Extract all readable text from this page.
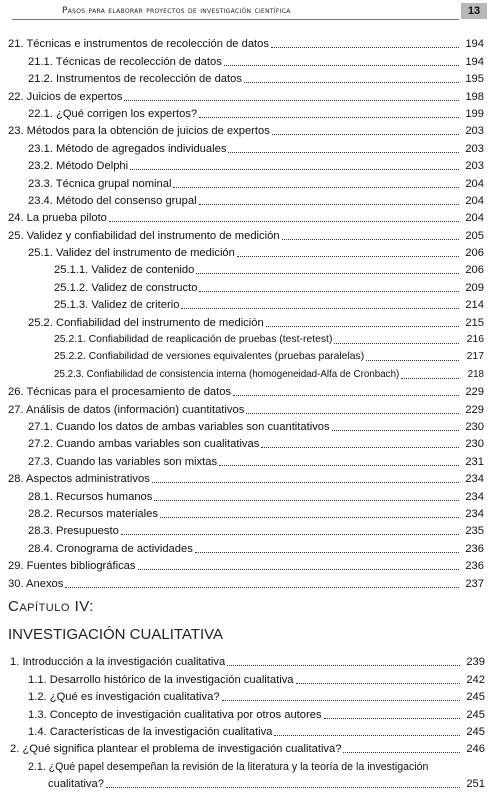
Pasos para elaborar proyectos de investigación científica	13
21. Técnicas e instrumentos de recolección de datos	194
21.1. Técnicas de recolección de datos	194
21.2. Instrumentos de recolección de datos	195
22. Juicios de expertos	198
22.1. ¿Qué corrigen los expertos?	199
23. Métodos para la obtención de juicios de expertos	203
23.1. Método de agregados individuales	203
23.2. Método Delphi	203
23.3. Técnica grupal nominal	204
23.4. Método del consenso grupal	204
24. La prueba piloto	204
25. Validez y confiabilidad del instrumento de medición	205
25.1. Validez del instrumento de medición	206
25.1.1. Validez de contenido	206
25.1.2. Validez de constructo	209
25.1.3. Validez de criterio	214
25.2. Confiabilidad del instrumento de medición	215
25.2.1. Confiabilidad de reaplicación de pruebas (test-retest)	216
25.2.2. Confiabilidad de versiones equivalentes (pruebas paralelas)	217
25.2.3. Confiabilidad de consistencia interna (homogeneidad-Alfa de Cronbach)	218
26. Técnicas para el procesamiento de datos	229
27. Análisis de datos (información) cuantitativos	229
27.1. Cuando los datos de ambas variables son cuantitativos	230
27.2. Cuando ambas variables son cualitativas	230
27.3. Cuando las variables son mixtas	231
28. Aspectos administrativos	234
28.1. Recursos humanos	234
28.2. Recursos materiales	234
28.3. Presupuesto	235
28.4. Cronograma de actividades	236
29. Fuentes bibliográficas	236
30. Anexos	237
Capítulo IV:
INVESTIGACIÓN CUALITATIVA
1. Introducción a la investigación cualitativa	239
1.1. Desarrollo histórico de la investigación cualitativa	242
1.2. ¿Qué es investigación cualitativa?	245
1.3. Concepto de investigación cualitativa por otros autores	245
1.4. Características de la investigación cualitativa	245
2. ¿Qué significa plantear el problema de investigación cualitativa?	246
2.1. ¿Qué papel desempeñan la revisión de la literatura y la teoría de la investigación
cualitativa?	251
